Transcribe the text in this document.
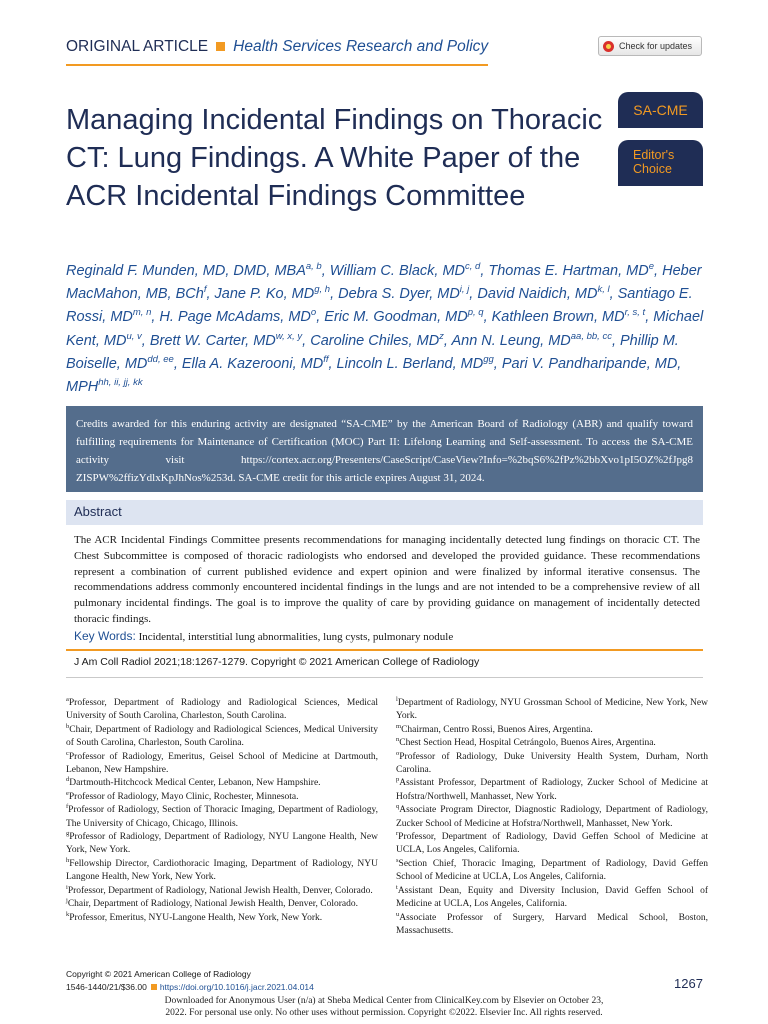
ORIGINAL ARTICLE Health Services Research and Policy	Check for updates
Managing Incidental Findings on Thoracic CT: Lung Findings. A White Paper of the ACR Incidental Findings Committee
SA-CME
Editor's
Choice
Reginald F. Munden, MD, DMD, MBA$^{a, b}$, William C. Black, MD$^{c, d}$, Thomas E. Hartman, MDe, Heber MacMahon, MB, BCh$^f$, Jane P. Ko, MD$^{g, h}$, Debra S. Dyer, MD$^{i, j}$, David Naidich, MD$^{k, l}$, Santiago E. Rossi, MD$^{m, n}$, H. Page McAdams, $MD^o$, Eric M. Goodman, MD$^{p, q}$, Kathleen Brown, MD$^{r, s, t}$, Michael Kent, MD$^{u, v}$, Brett W. Carter, MD$^{w, x, y}$, Caroline Chiles, $MD^z$, Ann N. Leung, $MD^{aa, bb, cc}$, Phillip M. Boiselle, $MD^{dd, ee}$, Ella A. Kazerooni, $MD^{ff}$, Lincoln L. Berland, $MD^{gg}$, Pari V. Pandharipande, MD, $MPH^{hh, ii, jj, kk}$
Credits awarded for this enduring activity are designated “SA-CME” by the American Board of Radiology (ABR) and qualify toward fulfilling requirements for Maintenance of Certification (MOC) Part II: Lifelong Learning and Self-assessment. To access the SA-CME activity visit https://cortex.acr.org/Presenters/CaseScript/CaseView?Info=%2bqS6%2fPz%2bbXvo1pI5OZ%2fJpg8 ZISPW%2ffizYdlxKpJhNos%253d. SA-CME credit for this article expires August 31, 2024.
Abstract
The ACR Incidental Findings Committee presents recommendations for managing incidentally detected lung findings on thoracic CT. The Chest Subcommittee is composed of thoracic radiologists who endorsed and developed the provided guidance. These recommendations represent a combination of current published evidence and expert opinion and were finalized by informal iterative consensus. The recommendations address commonly encountered incidental findings in the lungs and are not intended to be a comprehensive review of all pulmonary incidental findings. The goal is to improve the quality of care by providing guidance on management of incidentally detected thoracic findings.
Key Words: Incidental, interstitial lung abnormalities, lung cysts, pulmonary nodule
J Am Coll Radiol 2021;18:1267-1279. Copyright © 2021 American College of Radiology

$^a$Professor, Department of Radiology and Radiological Sciences, Medical University of South Carolina, Charleston, South Carolina.

$^b$Chair, Department of Radiology and Radiological Sciences, Medical University of South Carolina, Charleston, South Carolina.

$^c$Professor of Radiology, Emeritus, Geisel School of Medicine at Dartmouth, Lebanon, New Hampshire.

$^d$Dartmouth-Hitchcock Medical Center, Lebanon, New Hampshire.

$^e$Professor of Radiology, Mayo Clinic, Rochester, Minnesota.

$^f$Professor of Radiology, Section of Thoracic Imaging, Department of Radiology, The University of Chicago, Chicago, Illinois.

$^g$Professor of Radiology, Department of Radiology, NYU Langone Health, New York, New York.

$^h$Fellowship Director, Cardiothoracic Imaging, Department of Radiology, NYU Langone Health, New York, New York.

$^i$Professor, Department of Radiology, National Jewish Health, Denver, Colorado.

$^j$Chair, Department of Radiology, National Jewish Health, Denver, Colorado.

$^k$Professor, Emeritus, NYU-Langone Health, New York, New York.

$^l$Department of Radiology, NYU Grossman School of Medicine, New York, New York.

$^m$Chairman, Centro Rossi, Buenos Aires, Argentina.

$^n$Chest Section Head, Hospital Cetrángolo, Buenos Aires, Argentina.

$^o$Professor of Radiology, Duke University Health System, Durham, North Carolina.

$^p$Assistant Professor, Department of Radiology, Zucker School of Medicine at Hofstra/Northwell, Manhasset, New York.

$^q$Associate Program Director, Diagnostic Radiology, Department of Radiology, Zucker School of Medicine at Hofstra/Northwell, Manhasset, New York.

$^r$Professor, Department of Radiology, David Geffen School of Medicine at UCLA, Los Angeles, California.

$^s$Section Chief, Thoracic Imaging, Department of Radiology, David Geffen School of Medicine at UCLA, Los Angeles, California.

$^t$Assistant Dean, Equity and Diversity Inclusion, David Geffen School of Medicine at UCLA, Los Angeles, California.

$^u$Associate Professor of Surgery, Harvard Medical School, Boston, Massachusetts.

Copyright © 2021 American College of Radiology
1546-1440/21/$36.00 https://doi.org/10.1016/j.jacr.2021.04.014	1267
Downloaded for Anonymous User (n/a) at Sheba Medical Center from ClinicalKey.com by Elsevier on October 23,
2022. For personal use only. No other uses without permission. Copyright ©2022. Elsevier Inc. All rights reserved.
